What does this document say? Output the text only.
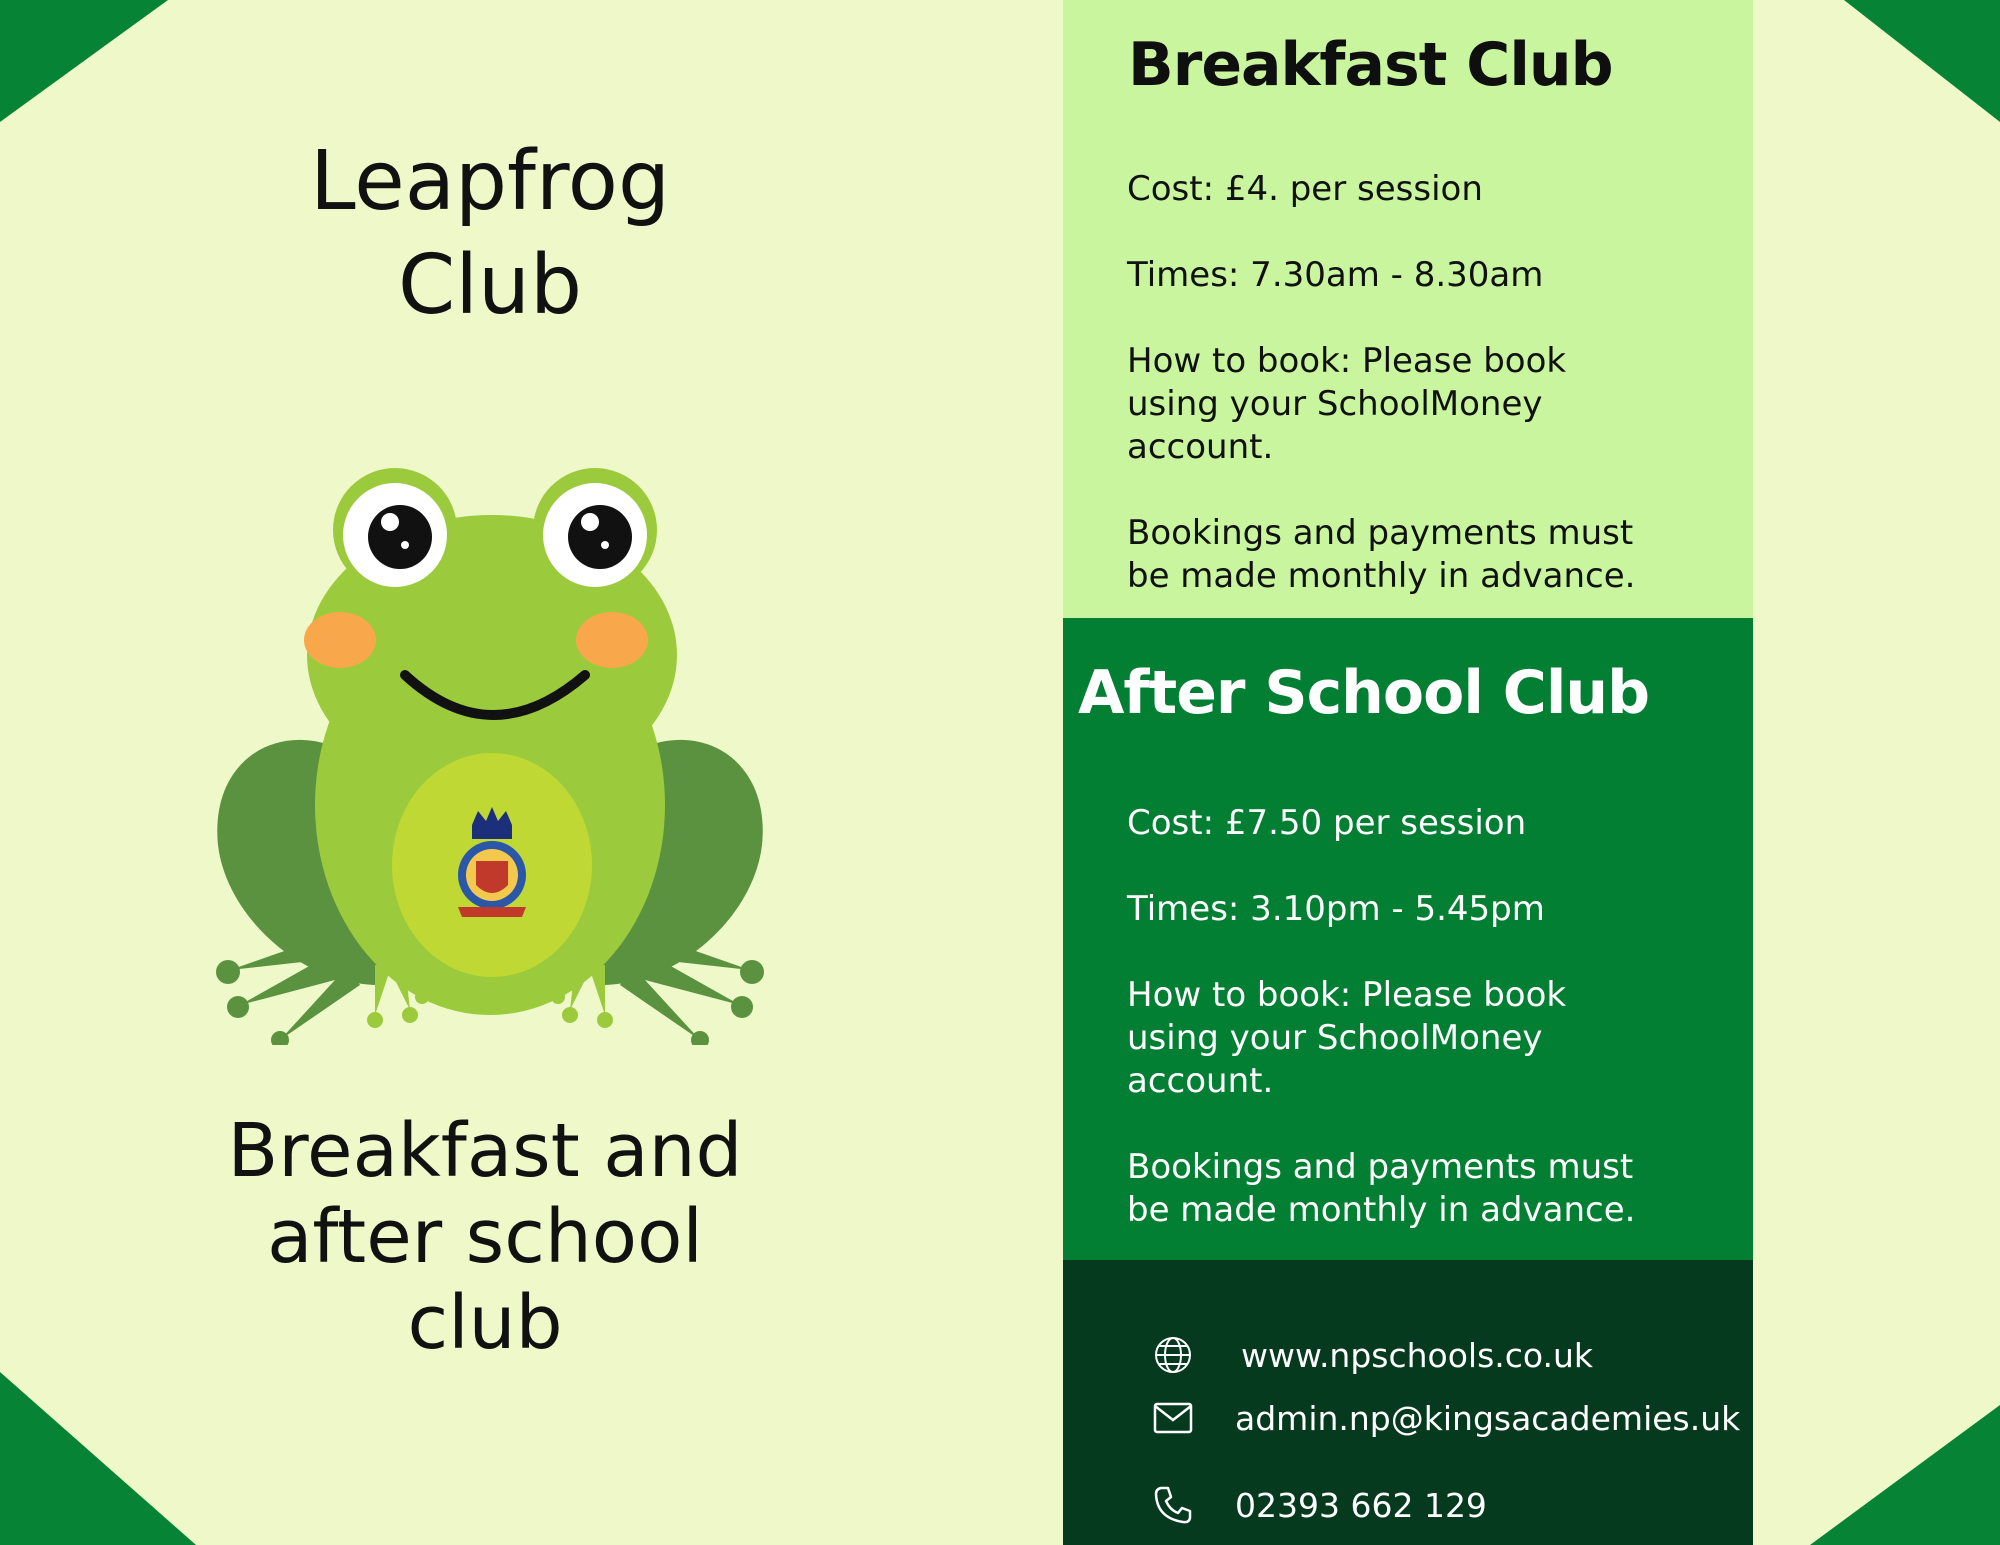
Leapfrog
Club
Breakfast and
after school
club
Breakfast Club

Cost: £4. per session

Times: 7.30am - 8.30am

How to book: Please book
using your SchoolMoney
account.

Bookings and payments must
be made monthly in advance.

After School Club

Cost: £7.50 per session

Times: 3.10pm - 5.45pm

How to book: Please book
using your SchoolMoney
account.

Bookings and payments must
be made monthly in advance.

www.npschools.co.uk
admin.np@kingsacademies.uk
02393 662 129
